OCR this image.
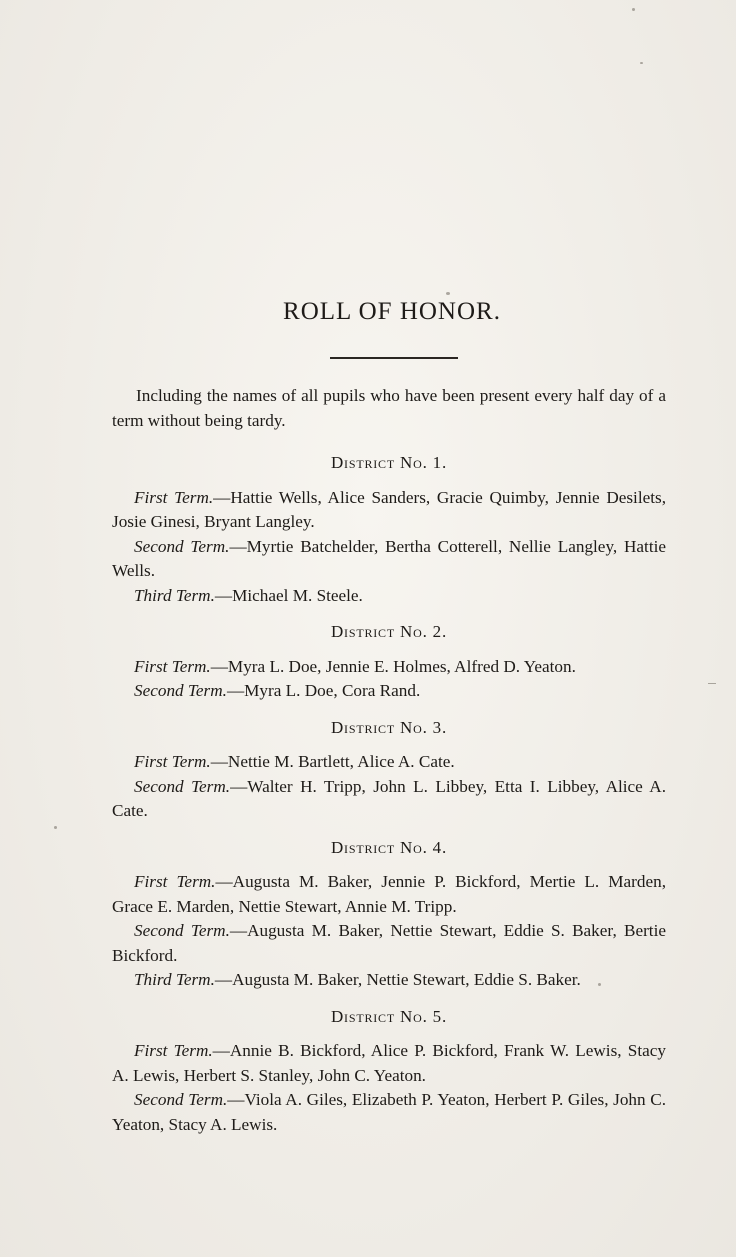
ROLL OF HONOR.

Including the names of all pupils who have been present every half day of a term without being tardy.

District No. 1.

First Term.—Hattie Wells, Alice Sanders, Gracie Quimby, Jennie Desilets, Josie Ginesi, Bryant Langley.

Second Term.—Myrtie Batchelder, Bertha Cotterell, Nellie Langley, Hattie Wells.

Third Term.—Michael M. Steele.

District No. 2.

First Term.—Myra L. Doe, Jennie E. Holmes, Alfred D. Yeaton.

Second Term.—Myra L. Doe, Cora Rand.

District No. 3.

First Term.—Nettie M. Bartlett, Alice A. Cate.

Second Term.—Walter H. Tripp, John L. Libbey, Etta I. Libbey, Alice A. Cate.

District No. 4.

First Term.—Augusta M. Baker, Jennie P. Bickford, Mertie L. Marden, Grace E. Marden, Nettie Stewart, Annie M. Tripp.

Second Term.—Augusta M. Baker, Nettie Stewart, Eddie S. Baker, Bertie Bickford.

Third Term.—Augusta M. Baker, Nettie Stewart, Eddie S. Baker.

District No. 5.

First Term.—Annie B. Bickford, Alice P. Bickford, Frank W. Lewis, Stacy A. Lewis, Herbert S. Stanley, John C. Yeaton.

Second Term.—Viola A. Giles, Elizabeth P. Yeaton, Herbert P. Giles, John C. Yeaton, Stacy A. Lewis.
